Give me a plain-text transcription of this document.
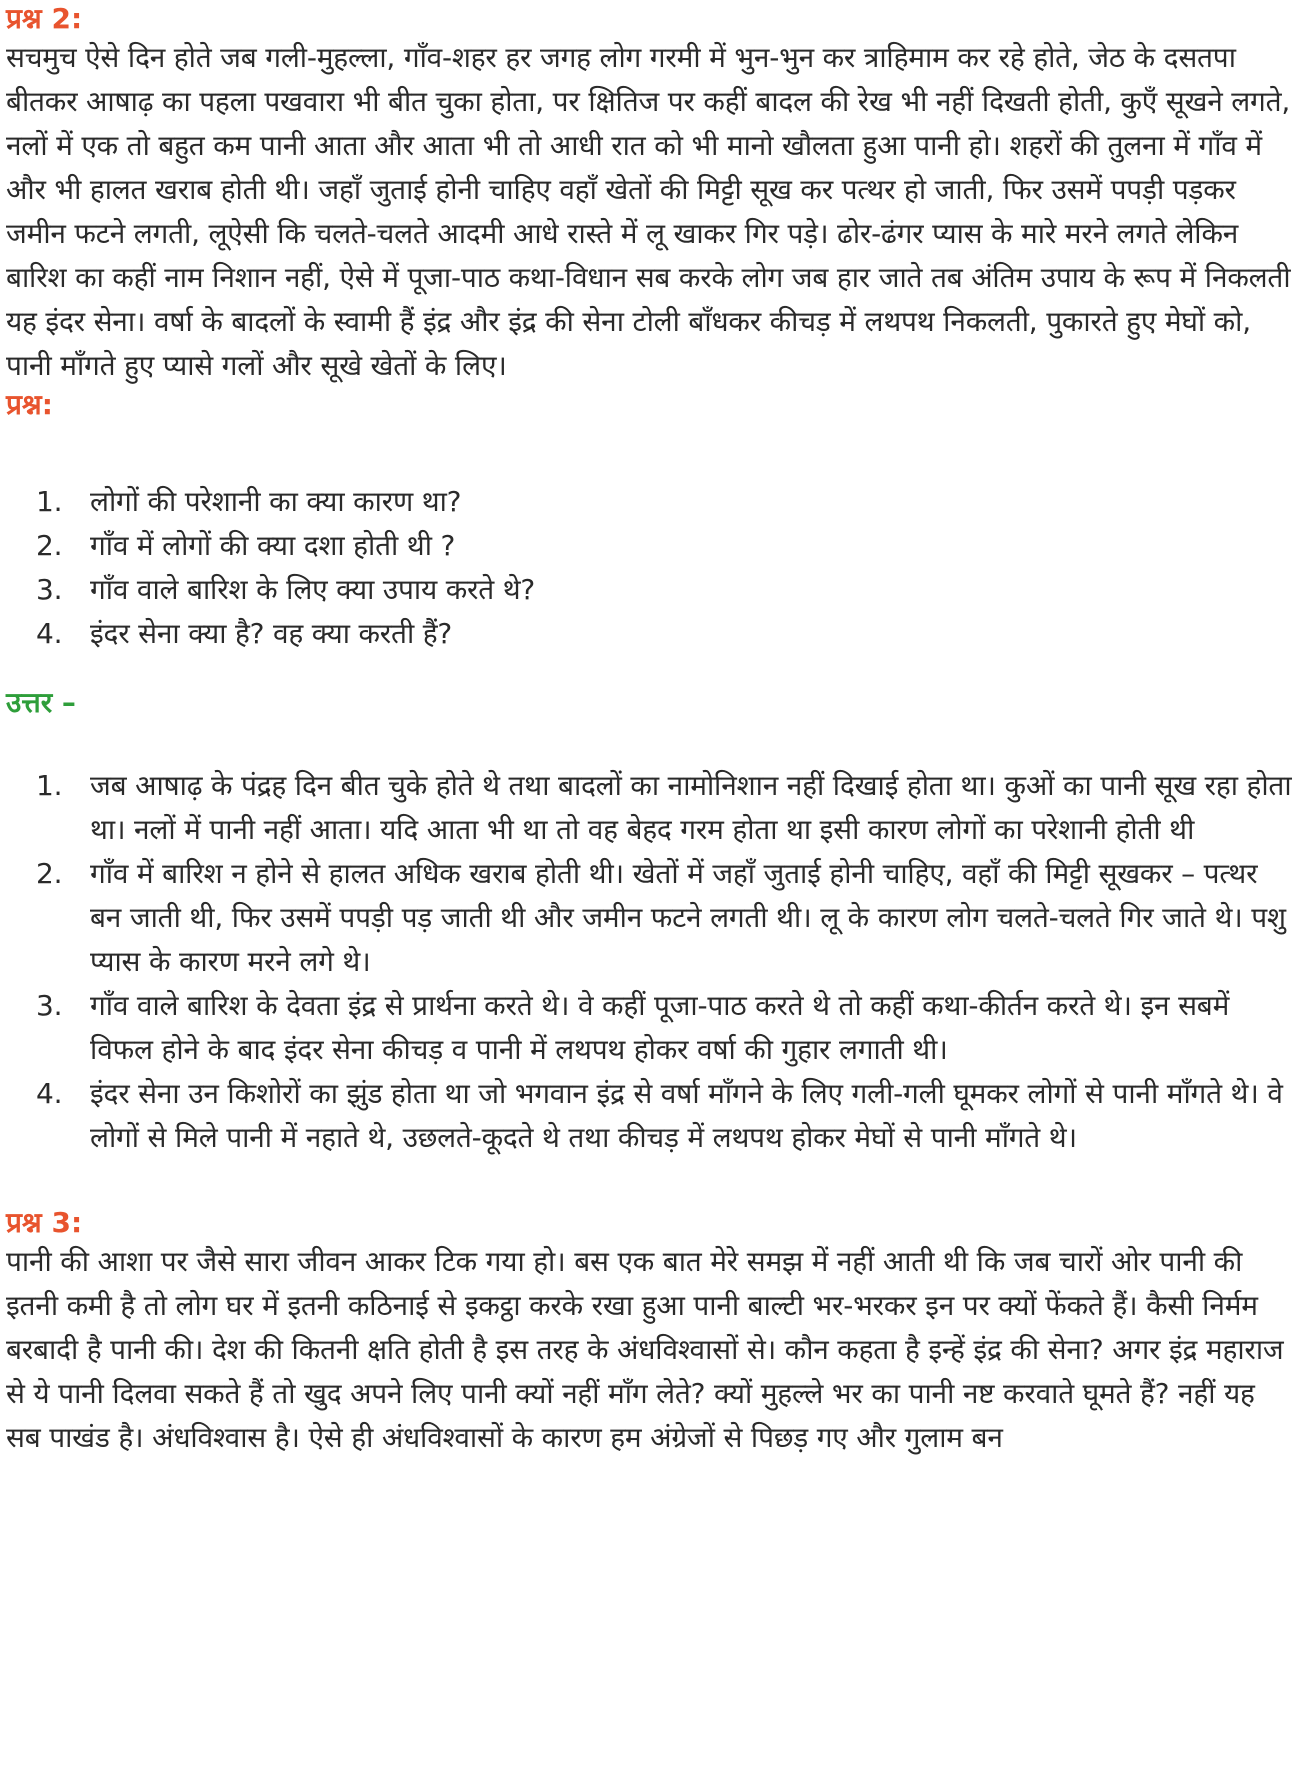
प्रश्न 2:

सचमुच ऐसे दिन होते जब गली-मुहल्ला, गाँव-शहर हर जगह लोग गरमी में भुन-भुन कर त्राहिमाम कर रहे होते, जेठ के दसतपा बीतकर आषाढ़ का पहला पखवारा भी बीत चुका होता, पर क्षितिज पर कहीं बादल की रेख भी नहीं दिखती होती, कुएँ सूखने लगते, नलों में एक तो बहुत कम पानी आता और आता भी तो आधी रात को भी मानो खौलता हुआ पानी हो। शहरों की तुलना में गाँव में और भी हालत खराब होती थी। जहाँ जुताई होनी चाहिए वहाँ खेतों की मिट्टी सूख कर पत्थर हो जाती, फिर उसमें पपड़ी पड़कर जमीन फटने लगती, लूऐसी कि चलते-चलते आदमी आधे रास्ते में लू खाकर गिर पड़े। ढोर-ढंगर प्यास के मारे मरने लगते लेकिन बारिश का कहीं नाम निशान नहीं, ऐसे में पूजा-पाठ कथा-विधान सब करके लोग जब हार जाते तब अंतिम उपाय के रूप में निकलती यह इंदर सेना। वर्षा के बादलों के स्वामी हैं इंद्र और इंद्र की सेना टोली बाँधकर कीचड़ में लथपथ निकलती, पुकारते हुए मेघों को, पानी माँगते हुए प्यासे गलों और सूखे खेतों के लिए।

प्रश्न:
1. लोगों की परेशानी का क्या कारण था?
2. गाँव में लोगों की क्या दशा होती थी ?
3. गाँव वाले बारिश के लिए क्या उपाय करते थे?
4. इंदर सेना क्या है? वह क्या करती हैं?
उत्तर –
1. जब आषाढ़ के पंद्रह दिन बीत चुके होते थे तथा बादलों का नामोनिशान नहीं दिखाई होता था। कुओं का पानी सूख रहा होता था। नलों में पानी नहीं आता। यदि आता भी था तो वह बेहद गरम होता था इसी कारण लोगों का परेशानी होती थी
2. गाँव में बारिश न होने से हालत अधिक खराब होती थी। खेतों में जहाँ जुताई होनी चाहिए, वहाँ की मिट्टी सूखकर – पत्थर बन जाती थी, फिर उसमें पपड़ी पड़ जाती थी और जमीन फटने लगती थी। लू के कारण लोग चलते-चलते गिर जाते थे। पशु प्यास के कारण मरने लगे थे।
3. गाँव वाले बारिश के देवता इंद्र से प्रार्थना करते थे। वे कहीं पूजा-पाठ करते थे तो कहीं कथा-कीर्तन करते थे। इन सबमें विफल होने के बाद इंदर सेना कीचड़ व पानी में लथपथ होकर वर्षा की गुहार लगाती थी।
4. इंदर सेना उन किशोरों का झुंड होता था जो भगवान इंद्र से वर्षा माँगने के लिए गली-गली घूमकर लोगों से पानी माँगते थे। वे लोगों से मिले पानी में नहाते थे, उछलते-कूदते थे तथा कीचड़ में लथपथ होकर मेघों से पानी माँगते थे।
प्रश्न 3:

पानी की आशा पर जैसे सारा जीवन आकर टिक गया हो। बस एक बात मेरे समझ में नहीं आती थी कि जब चारों ओर पानी की इतनी कमी है तो लोग घर में इतनी कठिनाई से इकट्ठा करके रखा हुआ पानी बाल्टी भर-भरकर इन पर क्यों फेंकते हैं। कैसी निर्मम बरबादी है पानी की। देश की कितनी क्षति होती है इस तरह के अंधविश्वासों से। कौन कहता है इन्हें इंद्र की सेना? अगर इंद्र महाराज से ये पानी दिलवा सकते हैं तो खुद अपने लिए पानी क्यों नहीं माँग लेते? क्यों मुहल्ले भर का पानी नष्ट करवाते घूमते हैं? नहीं यह सब पाखंड है। अंधविश्वास है। ऐसे ही अंधविश्वासों के कारण हम अंग्रेजों से पिछड़ गए और गुलाम बन
